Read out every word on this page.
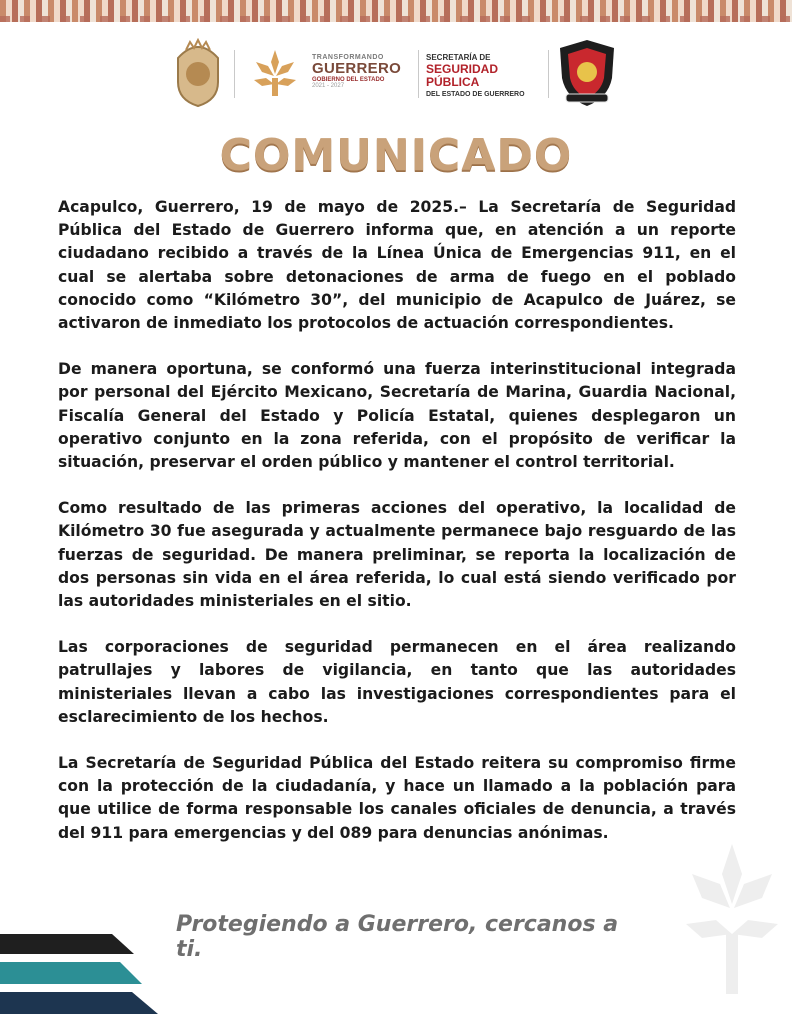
TRANSFORMANDO
GUERRERO
GOBIERNO DEL ESTADO
2021 - 2027
SECRETARÍA DE
SEGURIDAD
PÚBLICA
DEL ESTADO DE GUERRERO
COMUNICADO

Acapulco, Guerrero, 19 de mayo de 2025.– La Secretaría de Seguridad Pública del Estado de Guerrero informa que, en atención a un reporte ciudadano recibido a través de la Línea Única de Emergencias 911, en el cual se alertaba sobre detonaciones de arma de fuego en el poblado conocido como “Kilómetro 30”, del municipio de Acapulco de Juárez, se activaron de inmediato los protocolos de actuación correspondientes.

De manera oportuna, se conformó una fuerza interinstitucional integrada por personal del Ejército Mexicano, Secretaría de Marina, Guardia Nacional, Fiscalía General del Estado y Policía Estatal, quienes desplegaron un operativo conjunto en la zona referida, con el propósito de verificar la situación, preservar el orden público y mantener el control territorial.

Como resultado de las primeras acciones del operativo, la localidad de Kilómetro 30 fue asegurada y actualmente permanece bajo resguardo de las fuerzas de seguridad. De manera preliminar, se reporta la localización de dos personas sin vida en el área referida, lo cual está siendo verificado por las autoridades ministeriales en el sitio.

Las corporaciones de seguridad permanecen en el área realizando patrullajes y labores de vigilancia, en tanto que las autoridades ministeriales llevan a cabo las investigaciones correspondientes para el esclarecimiento de los hechos.

La Secretaría de Seguridad Pública del Estado reitera su compromiso firme con la protección de la ciudadanía, y hace un llamado a la población para que utilice de forma responsable los canales oficiales de denuncia, a través del 911 para emergencias y del 089 para denuncias anónimas.

Protegiendo a Guerrero, cercanos a ti.
